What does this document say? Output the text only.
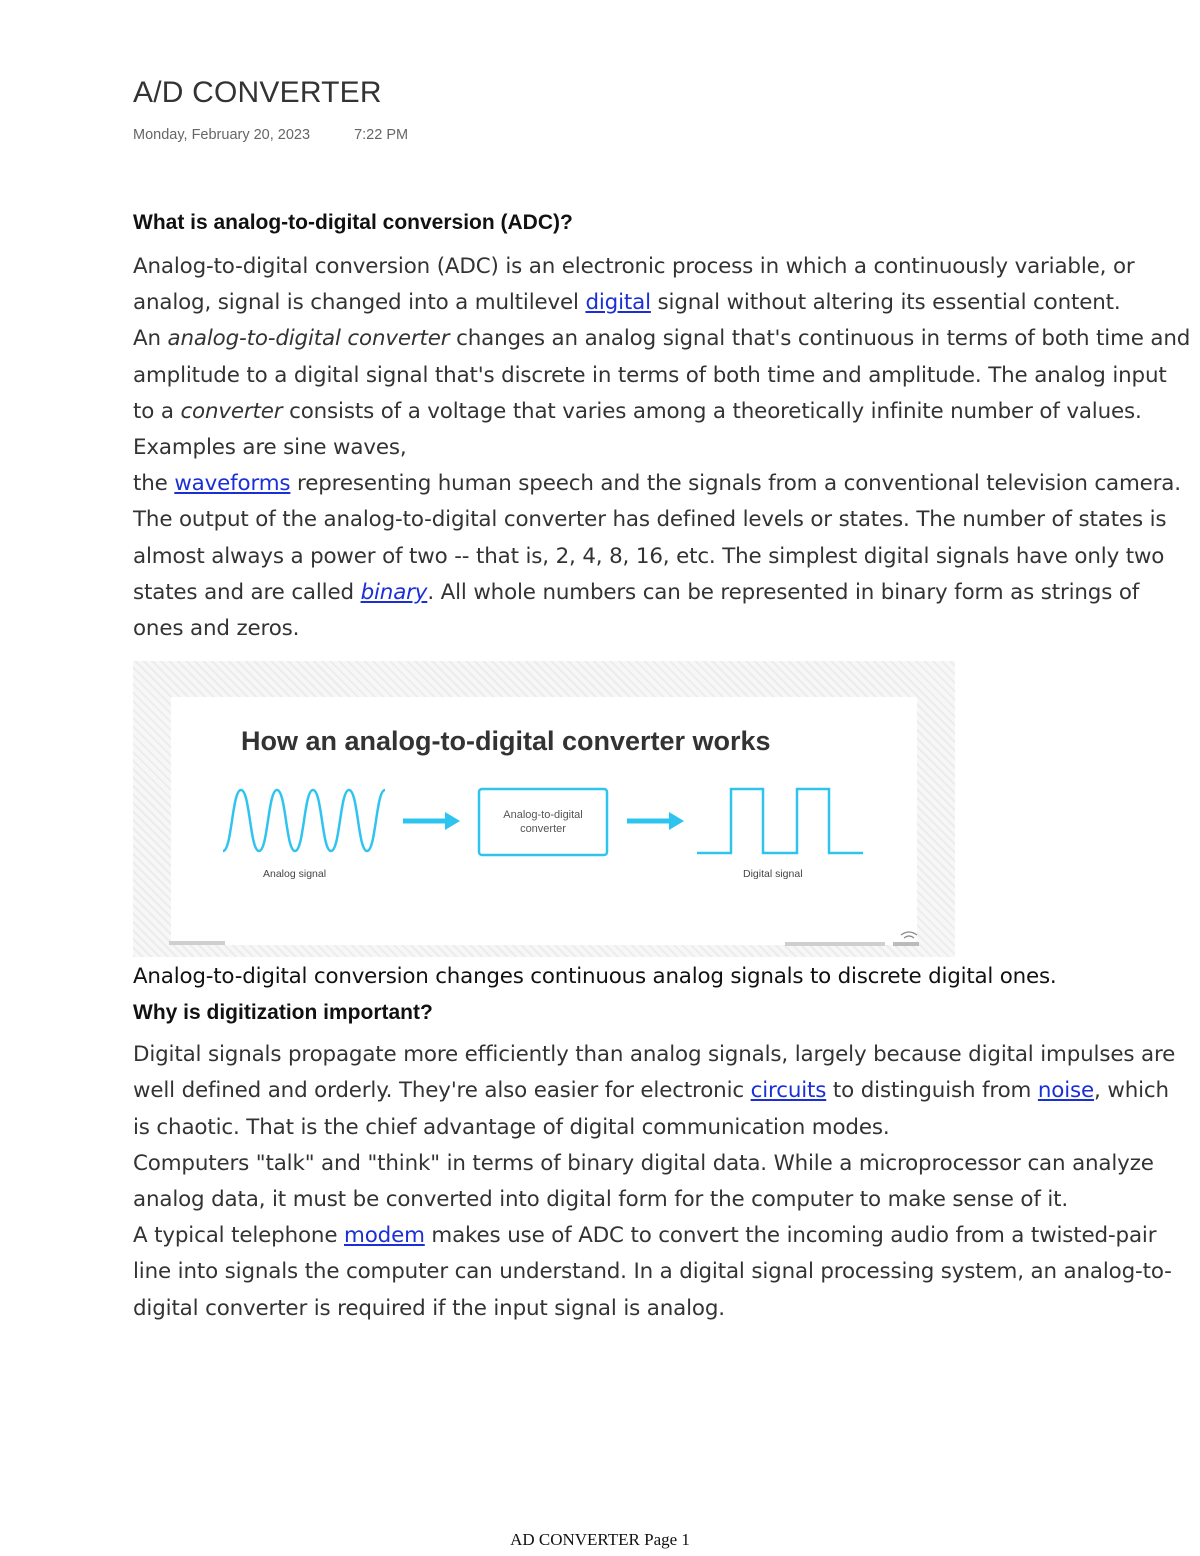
A/D CONVERTER
Monday, February 20, 2023	7:22 PM
What is analog-to-digital conversion (ADC)?

Analog-to-digital conversion (ADC) is an electronic process in which a continuously variable, or analog, signal is changed into a multilevel digital signal without altering its essential content.

An analog-to-digital converter changes an analog signal that's continuous in terms of both time and amplitude to a digital signal that's discrete in terms of both time and amplitude. The analog input to a converter consists of a voltage that varies among a theoretically infinite number of values. Examples are sine waves,

the waveforms representing human speech and the signals from a conventional television camera.

The output of the analog-to-digital converter has defined levels or states. The number of states is almost always a power of two -- that is, 2, 4, 8, 16, etc. The simplest digital signals have only two states and are called binary. All whole numbers can be represented in binary form as strings of ones and zeros.

How an analog-to-digital converter works
Analog-to-digital
converter
Analog signal	Digital signal
Analog-to-digital conversion changes continuous analog signals to discrete digital ones.
Why is digitization important?

Digital signals propagate more efficiently than analog signals, largely because digital impulses are well defined and orderly. They're also easier for electronic circuits to distinguish from noise, which is chaotic. That is the chief advantage of digital communication modes.

Computers "talk" and "think" in terms of binary digital data. While a microprocessor can analyze analog data, it must be converted into digital form for the computer to make sense of it.

A typical telephone modem makes use of ADC to convert the incoming audio from a twisted-pair line into signals the computer can understand. In a digital signal processing system, an analog-to-digital converter is required if the input signal is analog.

AD CONVERTER Page 1
